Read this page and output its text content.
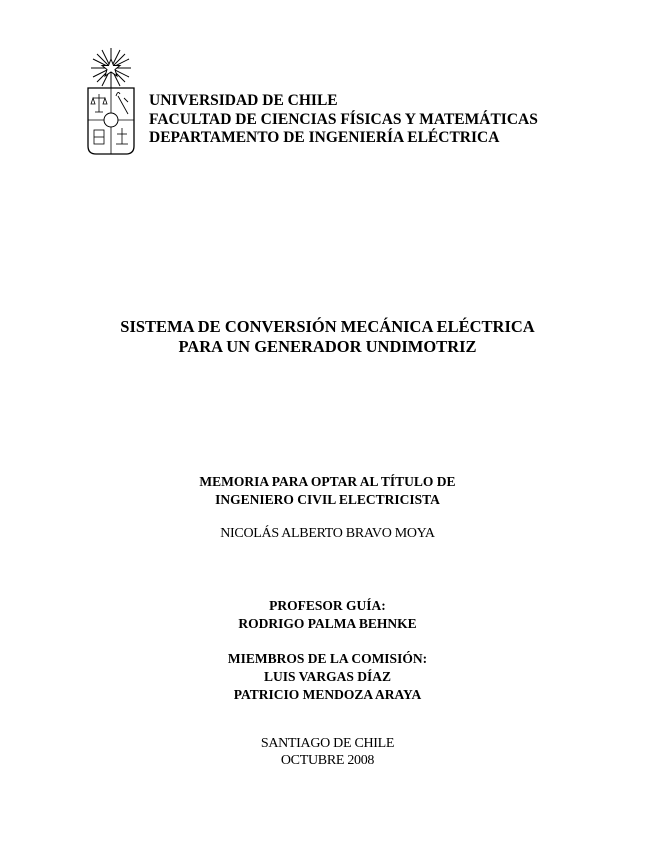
UNIVERSIDAD DE CHILE
FACULTAD DE CIENCIAS FÍSICAS Y MATEMÁTICAS
DEPARTAMENTO DE INGENIERÍA ELÉCTRICA
SISTEMA DE CONVERSIÓN MECÁNICA ELÉCTRICA
PARA UN GENERADOR UNDIMOTRIZ
MEMORIA PARA OPTAR AL TÍTULO DE
INGENIERO CIVIL ELECTRICISTA
NICOLÁS ALBERTO BRAVO MOYA
PROFESOR GUÍA:
RODRIGO PALMA BEHNKE
MIEMBROS DE LA COMISIÓN:
LUIS VARGAS DÍAZ
PATRICIO MENDOZA ARAYA
SANTIAGO DE CHILE
OCTUBRE 2008
